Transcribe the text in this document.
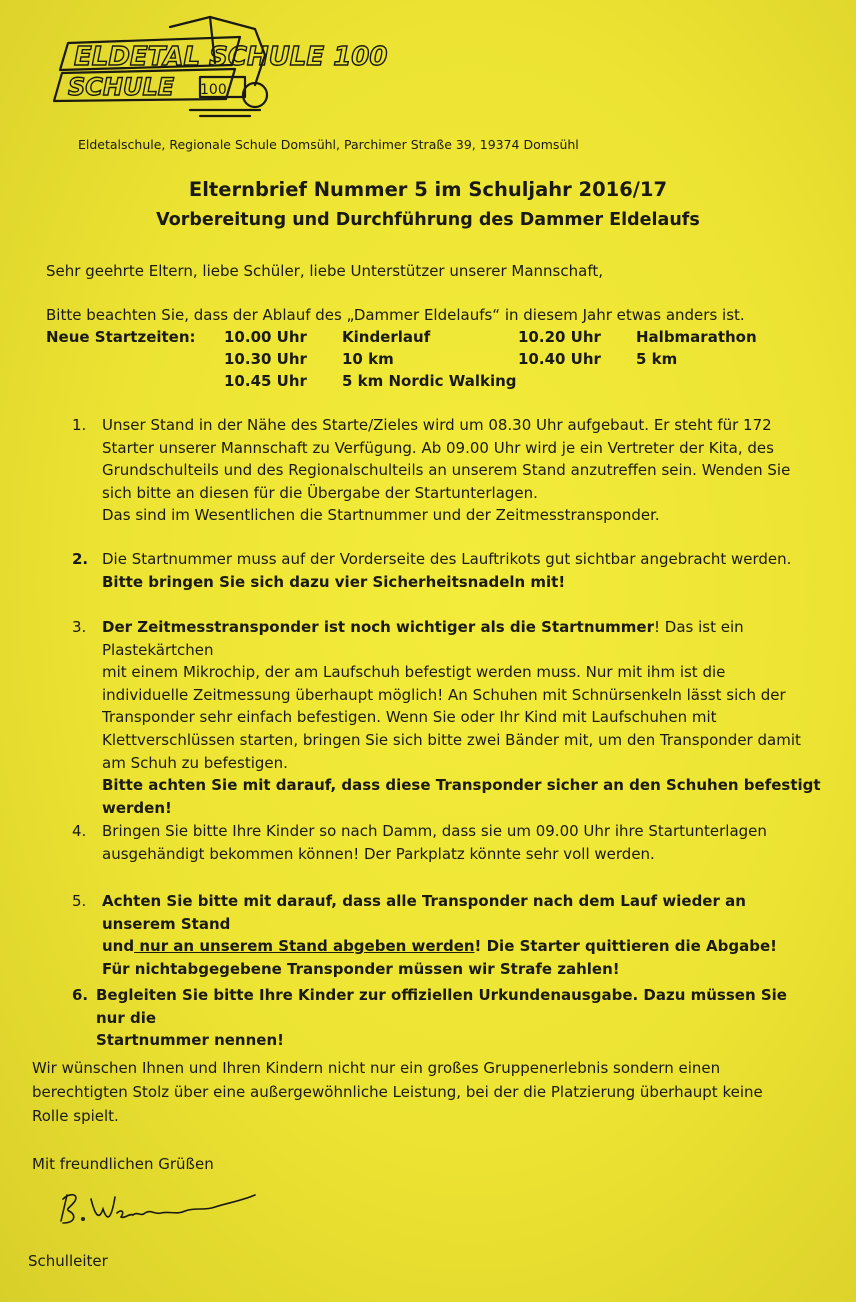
ELDETAL SCHULE 100
SCHULE 100
Eldetalschule, Regionale Schule Domsühl, Parchimer Straße 39, 19374 Domsühl
Elternbrief Nummer 5 im Schuljahr 2016/17
Vorbereitung und Durchführung des Dammer Eldelaufs
Sehr geehrte Eltern, liebe Schüler, liebe Unterstützer unserer Mannschaft,
Bitte beachten Sie, dass der Ablauf des „Dammer Eldelaufs“ in diesem Jahr etwas anders ist.
Neue Startzeiten: 10.00 Uhr Kinderlauf	10.20 Uhr Halbmarathon
10.30 Uhr 10 km	10.40 Uhr 5 km
10.45 Uhr 5 km Nordic Walking
1. Unser Stand in der Nähe des Starte/Zieles wird um 08.30 Uhr aufgebaut. Er steht für 172
Starter unserer Mannschaft zu Verfügung. Ab 09.00 Uhr wird je ein Vertreter der Kita, des
Grundschulteils und des Regionalschulteils an unserem Stand anzutreffen sein. Wenden Sie
sich bitte an diesen für die Übergabe der Startunterlagen.
Das sind im Wesentlichen die Startnummer und der Zeitmesstransponder.
2. Die Startnummer muss auf der Vorderseite des Lauftrikots gut sichtbar angebracht werden.
Bitte bringen Sie sich dazu vier Sicherheitsnadeln mit!
3. Der Zeitmesstransponder ist noch wichtiger als die Startnummer! Das ist ein Plastekärtchen
mit einem Mikrochip, der am Laufschuh befestigt werden muss. Nur mit ihm ist die
individuelle Zeitmessung überhaupt möglich! An Schuhen mit Schnürsenkeln lässt sich der
Transponder sehr einfach befestigen. Wenn Sie oder Ihr Kind mit Laufschuhen mit
Klettverschlüssen starten, bringen Sie sich bitte zwei Bänder mit, um den Transponder damit
am Schuh zu befestigen.
Bitte achten Sie mit darauf, dass diese Transponder sicher an den Schuhen befestigt
werden!
4. Bringen Sie bitte Ihre Kinder so nach Damm, dass sie um 09.00 Uhr ihre Startunterlagen
ausgehändigt bekommen können! Der Parkplatz könnte sehr voll werden.
5. Achten Sie bitte mit darauf, dass alle Transponder nach dem Lauf wieder an unserem Stand
und nur an unserem Stand abgeben werden! Die Starter quittieren die Abgabe!
Für nichtabgegebene Transponder müssen wir Strafe zahlen!
6. Begleiten Sie bitte Ihre Kinder zur offiziellen Urkundenausgabe. Dazu müssen Sie nur die
Startnummer nennen!
Wir wünschen Ihnen und Ihren Kindern nicht nur ein großes Gruppenerlebnis sondern einen
berechtigten Stolz über eine außergewöhnliche Leistung, bei der die Platzierung überhaupt keine
Rolle spielt.
Mit freundlichen Grüßen
B. Weimar
Schulleiter
